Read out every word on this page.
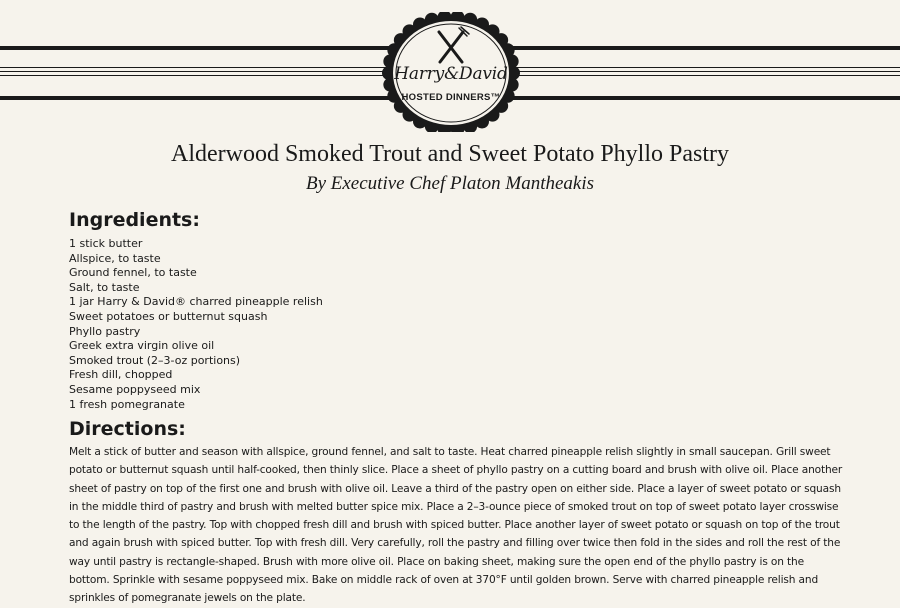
Harry&David
HOSTED DINNERS™
Alderwood Smoked Trout and Sweet Potato Phyllo Pastry
By Executive Chef Platon Mantheakis
Ingredients:
1 stick butter
Allspice, to taste
Ground fennel, to taste
Salt, to taste
1 jar Harry & David® charred pineapple relish
Sweet potatoes or butternut squash
Phyllo pastry
Greek extra virgin olive oil
Smoked trout (2–3-oz portions)
Fresh dill, chopped
Sesame poppyseed mix
1 fresh pomegranate
Directions:

Melt a stick of butter and season with allspice, ground fennel, and salt to taste. Heat charred pineapple relish slightly in small saucepan. Grill sweet potato or butternut squash until half-cooked, then thinly slice. Place a sheet of phyllo pastry on a cutting board and brush with olive oil. Place another sheet of pastry on top of the first one and brush with olive oil. Leave a third of the pastry open on either side. Place a layer of sweet potato or squash in the middle third of pastry and brush with melted butter spice mix. Place a 2–3-ounce piece of smoked trout on top of sweet potato layer crosswise to the length of the pastry. Top with chopped fresh dill and brush with spiced butter. Place another layer of sweet potato or squash on top of the trout and again brush with spiced butter. Top with fresh dill. Very carefully, roll the pastry and filling over twice then fold in the sides and roll the rest of the way until pastry is rectangle-shaped. Brush with more olive oil. Place on baking sheet, making sure the open end of the phyllo pastry is on the bottom. Sprinkle with sesame poppyseed mix. Bake on middle rack of oven at 370°F until golden brown. Serve with charred pineapple relish and sprinkles of pomegranate jewels on the plate.
